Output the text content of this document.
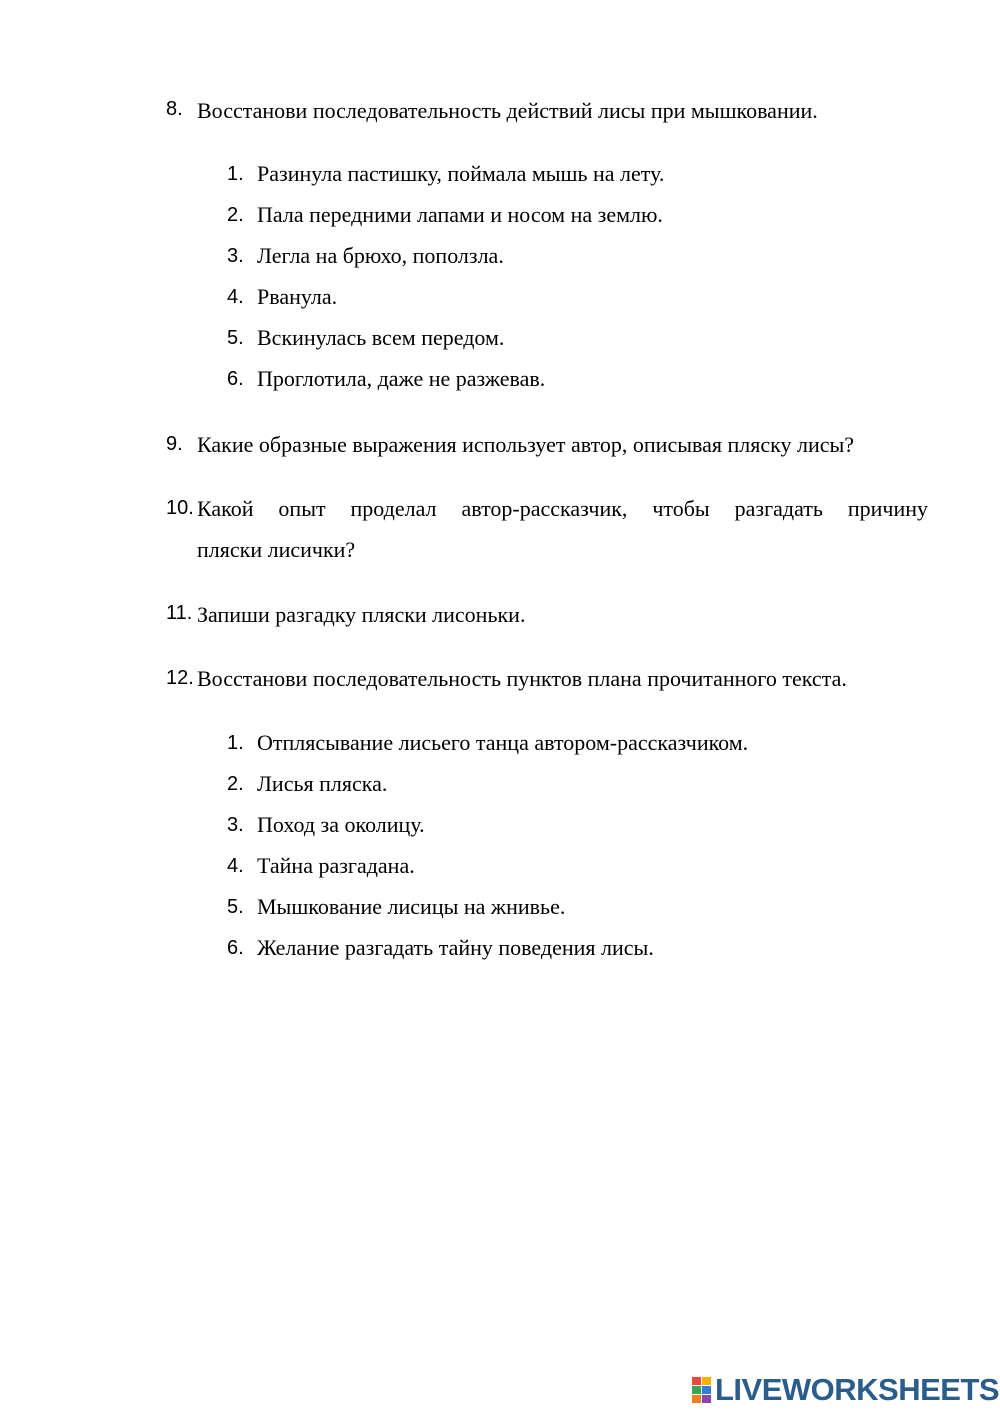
8. Восстанови последовательность действий лисы при мышковании.
1. Разинула пастишку, поймала мышь на лету.
2. Пала передними лапами и носом на землю.
3. Легла на брюхо, поползла.
4. Рванула.
5. Вскинулась всем передом.
6. Проглотила, даже не разжевав.
9. Какие образные выражения использует автор, описывая пляску лисы?
10. Какой опыт проделал автор-рассказчик, чтобы разгадать причину
пляски лисички?
11. Запиши разгадку пляски лисоньки.
12. Восстанови последовательность пунктов плана прочитанного текста.
1. Отплясывание лисьего танца автором-рассказчиком.
2. Лисья пляска.
3. Поход за околицу.
4. Тайна разгадана.
5. Мышкование лисицы на жнивье.
6. Желание разгадать тайну поведения лисы.
LIVEWORKSHEETS
